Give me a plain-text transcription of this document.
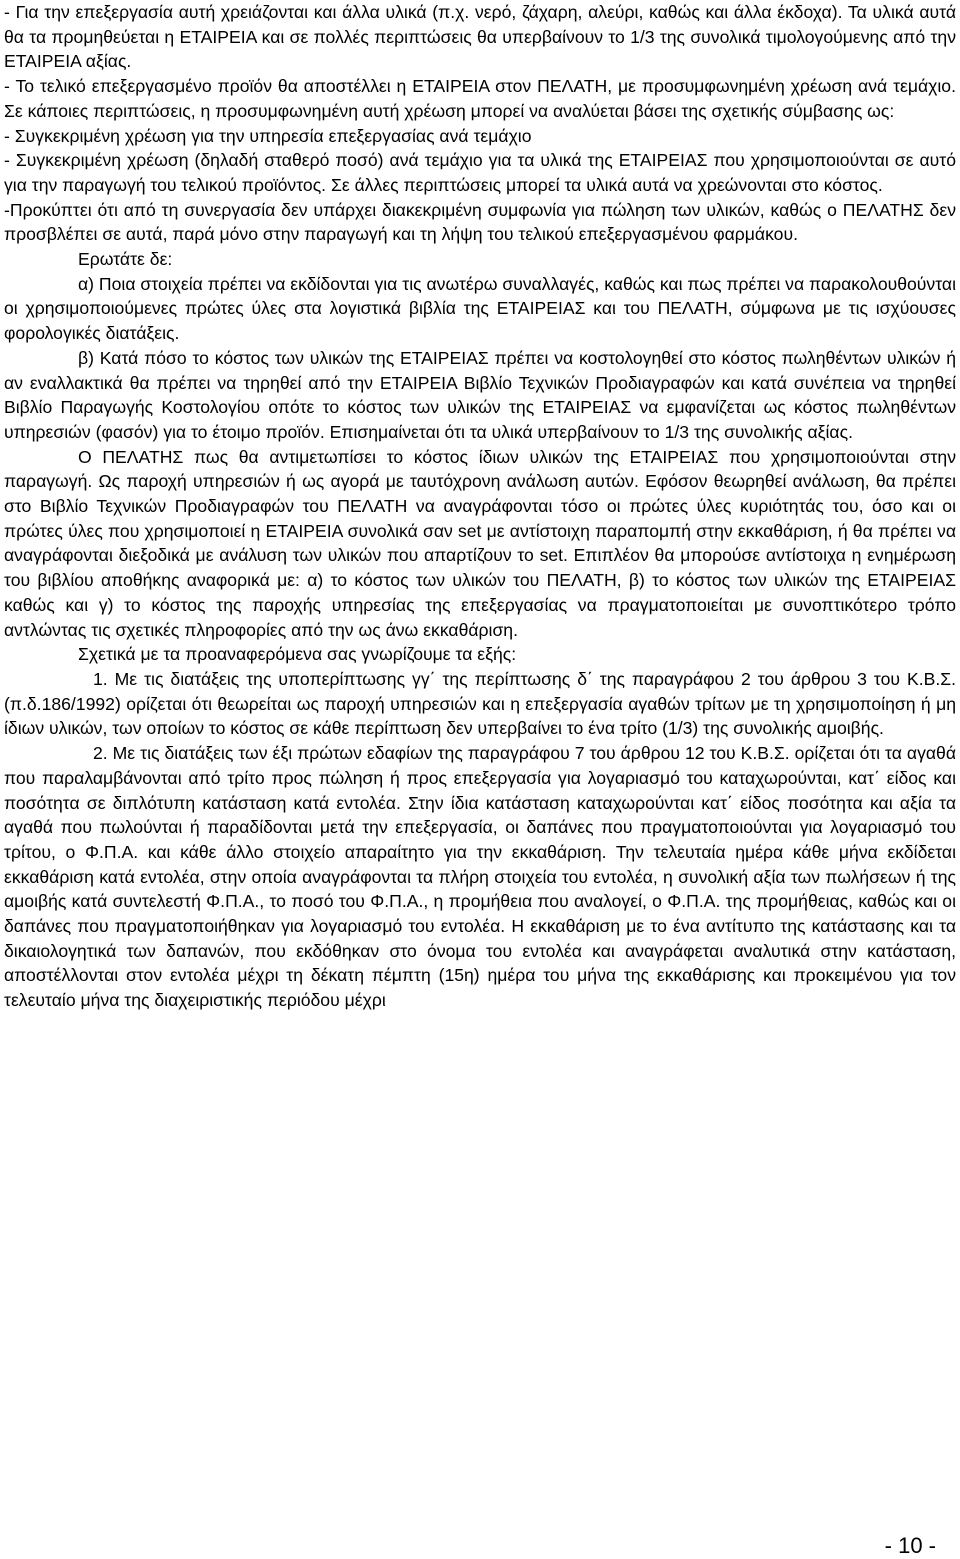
- Για την επεξεργασία αυτή χρειάζονται και άλλα υλικά (π.χ. νερό, ζάχαρη, αλεύρι, καθώς και άλλα έκδοχα). Τα υλικά αυτά θα τα προμηθεύεται η ΕΤΑΙΡΕΙΑ και σε πολλές περιπτώσεις θα υπερβαίνουν το 1/3 της συνολικά τιμολογούμενης από την ΕΤΑΙΡΕΙΑ αξίας.

- Το τελικό επεξεργασμένο προϊόν θα αποστέλλει η ΕΤΑΙΡΕΙΑ στον ΠΕΛΑΤΗ, με προσυμφωνημένη χρέωση ανά τεμάχιο. Σε κάποιες περιπτώσεις, η προσυμφωνημένη αυτή χρέωση μπορεί να αναλύεται βάσει της σχετικής σύμβασης ως:

- Συγκεκριμένη χρέωση για την υπηρεσία επεξεργασίας ανά τεμάχιο

- Συγκεκριμένη χρέωση (δηλαδή σταθερό ποσό) ανά τεμάχιο για τα υλικά της ΕΤΑΙΡΕΙΑΣ που χρησιμοποιούνται σε αυτό για την παραγωγή του τελικού προϊόντος. Σε άλλες περιπτώσεις μπορεί τα υλικά αυτά να χρεώνονται στο κόστος.

-Προκύπτει ότι από τη συνεργασία δεν υπάρχει διακεκριμένη συμφωνία για πώληση των υλικών, καθώς ο ΠΕΛΑΤΗΣ δεν προσβλέπει σε αυτά, παρά μόνο στην παραγωγή και τη λήψη του τελικού επεξεργασμένου φαρμάκου.

Ερωτάτε δε:

α) Ποια στοιχεία πρέπει να εκδίδονται για τις ανωτέρω συναλλαγές, καθώς και πως πρέπει να παρακολουθούνται οι χρησιμοποιούμενες πρώτες ύλες στα λογιστικά βιβλία της ΕΤΑΙΡΕΙΑΣ και του ΠΕΛΑΤΗ, σύμφωνα με τις ισχύουσες φορολογικές διατάξεις.

β) Κατά πόσο το κόστος των υλικών της ΕΤΑΙΡΕΙΑΣ πρέπει να κοστολογηθεί στο κόστος πωληθέντων υλικών ή αν εναλλακτικά θα πρέπει να τηρηθεί από την ΕΤΑΙΡΕΙΑ Βιβλίο Τεχνικών Προδιαγραφών και κατά συνέπεια να τηρηθεί Βιβλίο Παραγωγής Κοστολογίου οπότε το κόστος των υλικών της ΕΤΑΙΡΕΙΑΣ να εμφανίζεται ως κόστος πωληθέντων υπηρεσιών (φασόν) για το έτοιμο προϊόν. Επισημαίνεται ότι τα υλικά υπερβαίνουν το 1/3 της συνολικής αξίας.

Ο ΠΕΛΑΤΗΣ πως θα αντιμετωπίσει το κόστος ίδιων υλικών της ΕΤΑΙΡΕΙΑΣ που χρησιμοποιούνται στην παραγωγή. Ως παροχή υπηρεσιών ή ως αγορά με ταυτόχρονη ανάλωση αυτών. Εφόσον θεωρηθεί ανάλωση, θα πρέπει στο Βιβλίο Τεχνικών Προδιαγραφών του ΠΕΛΑΤΗ να αναγράφονται τόσο οι πρώτες ύλες κυριότητάς του, όσο και οι πρώτες ύλες που χρησιμοποιεί η ΕΤΑΙΡΕΙΑ συνολικά σαν set με αντίστοιχη παραπομπή στην εκκαθάριση, ή θα πρέπει να αναγράφονται διεξοδικά με ανάλυση των υλικών που απαρτίζουν το set. Επιπλέον θα μπορούσε αντίστοιχα η ενημέρωση του βιβλίου αποθήκης αναφορικά με: α) το κόστος των υλικών του ΠΕΛΑΤΗ, β) το κόστος των υλικών της ΕΤΑΙΡΕΙΑΣ καθώς και γ) το κόστος της παροχής υπηρεσίας της επεξεργασίας να πραγματοποιείται με συνοπτικότερο τρόπο αντλώντας τις σχετικές πληροφορίες από την ως άνω εκκαθάριση.

Σχετικά με τα προαναφερόμενα σας γνωρίζουμε τα εξής:

1. Με τις διατάξεις της υποπερίπτωσης γγ΄ της περίπτωσης δ΄ της παραγράφου 2 του άρθρου 3 του Κ.Β.Σ. (π.δ.186/1992) ορίζεται ότι θεωρείται ως παροχή υπηρεσιών και η επεξεργασία αγαθών τρίτων με τη χρησιμοποίηση ή μη ίδιων υλικών, των οποίων το κόστος σε κάθε περίπτωση δεν υπερβαίνει το ένα τρίτο (1/3) της συνολικής αμοιβής.

2. Με τις διατάξεις των έξι πρώτων εδαφίων της παραγράφου 7 του άρθρου 12 του Κ.Β.Σ. ορίζεται ότι τα αγαθά που παραλαμβάνονται από τρίτο προς πώληση ή προς επεξεργασία για λογαριασμό του καταχωρούνται, κατ΄ είδος και ποσότητα σε διπλότυπη κατάσταση κατά εντολέα. Στην ίδια κατάσταση καταχωρούνται κατ΄ είδος ποσότητα και αξία τα αγαθά που πωλούνται ή παραδίδονται μετά την επεξεργασία, οι δαπάνες που πραγματοποιούνται για λογαριασμό του τρίτου, ο Φ.Π.Α. και κάθε άλλο στοιχείο απαραίτητο για την εκκαθάριση. Την τελευταία ημέρα κάθε μήνα εκδίδεται εκκαθάριση κατά εντολέα, στην οποία αναγράφονται τα πλήρη στοιχεία του εντολέα, η συνολική αξία των πωλήσεων ή της αμοιβής κατά συντελεστή Φ.Π.Α., το ποσό του Φ.Π.Α., η προμήθεια που αναλογεί, ο Φ.Π.Α. της προμήθειας, καθώς και οι δαπάνες που πραγματοποιήθηκαν για λογαριασμό του εντολέα. Η εκκαθάριση με το ένα αντίτυπο της κατάστασης και τα δικαιολογητικά των δαπανών, που εκδόθηκαν στο όνομα του εντολέα και αναγράφεται αναλυτικά στην κατάσταση, αποστέλλονται στον εντολέα μέχρι τη δέκατη πέμπτη (15η) ημέρα του μήνα της εκκαθάρισης και προκειμένου για τον τελευταίο μήνα της διαχειριστικής περιόδου μέχρι

- 10 -
